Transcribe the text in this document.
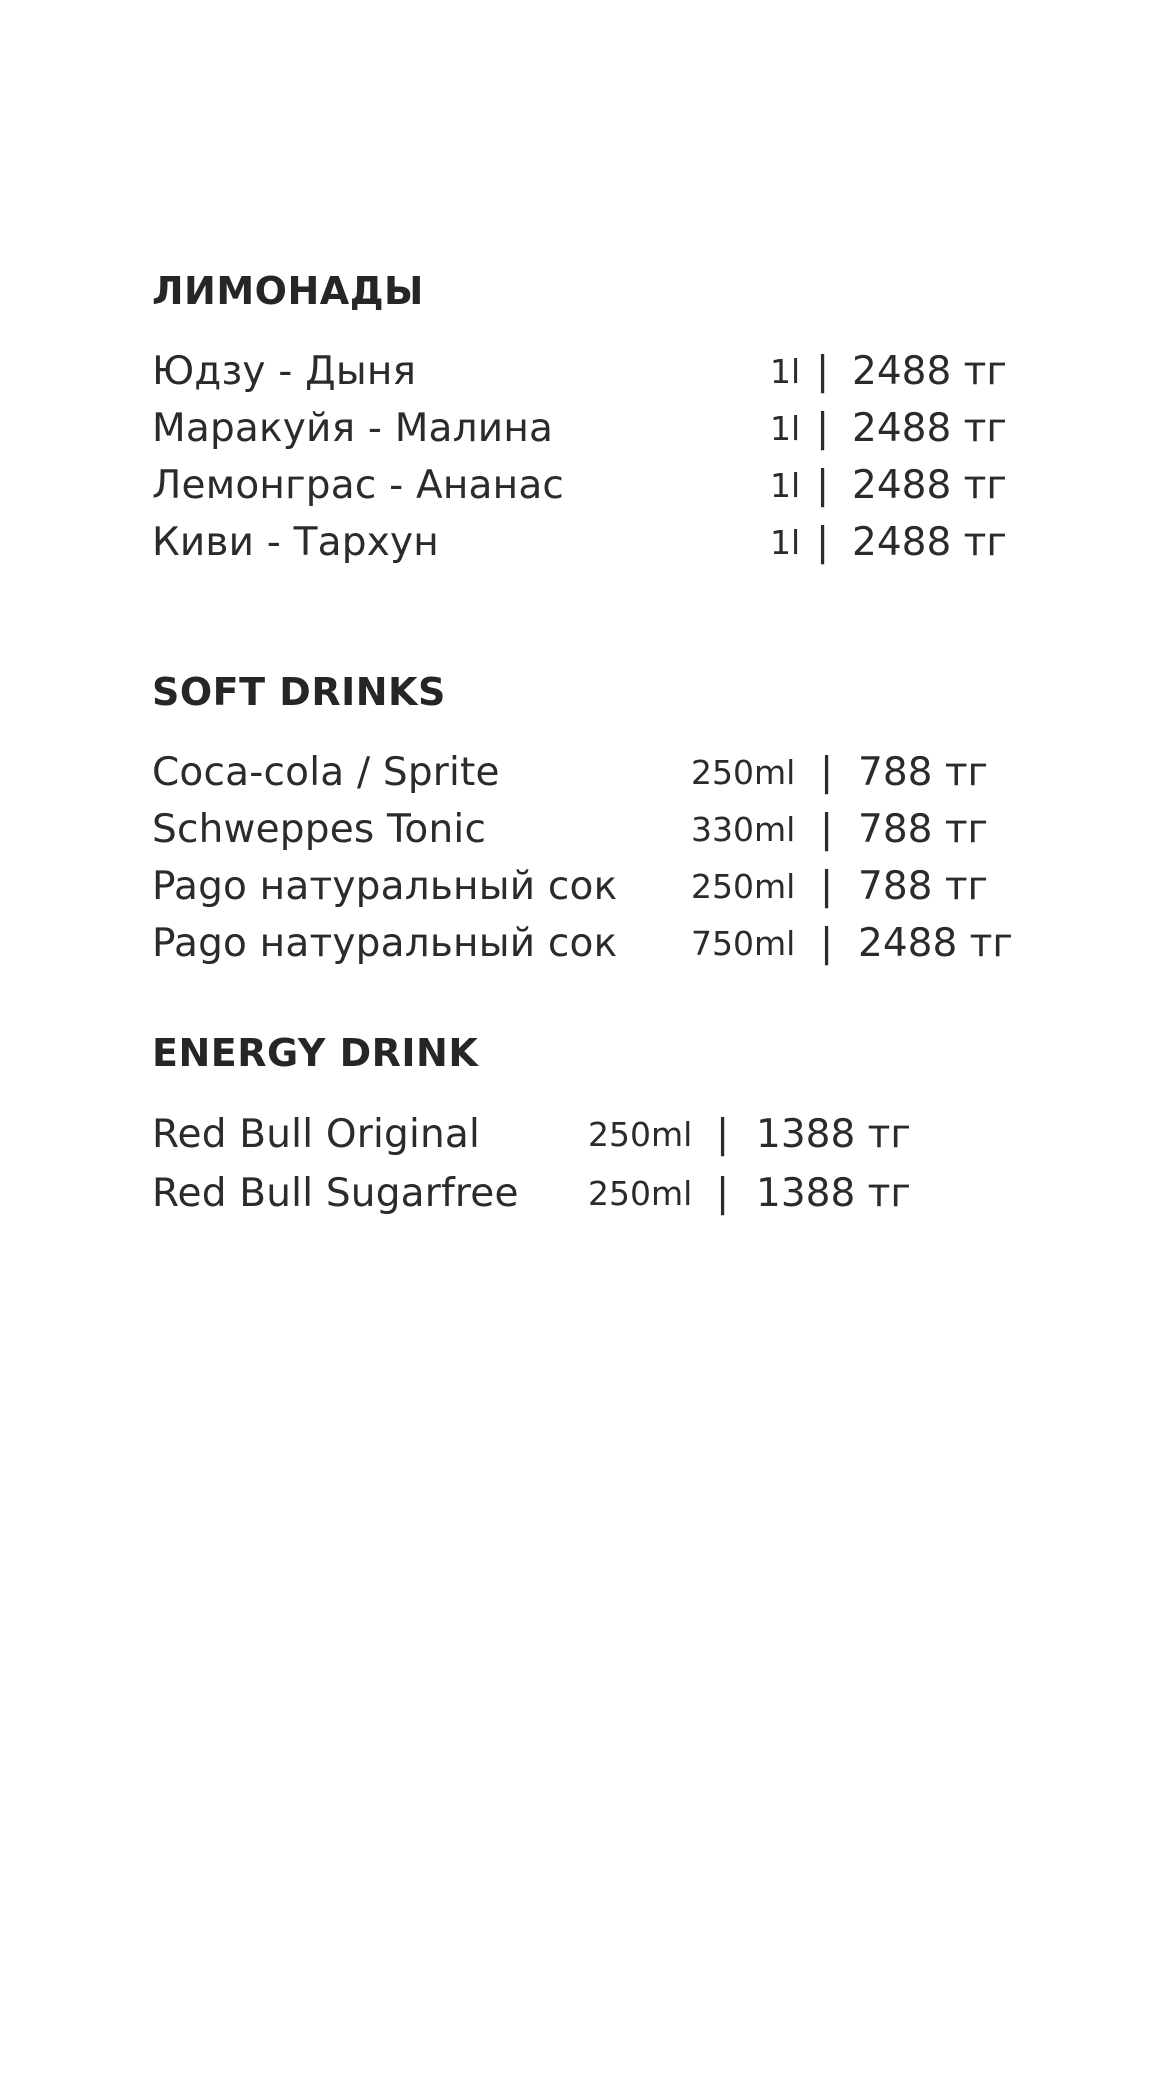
ЛИМОНАДЫ
Юдзу - Дыня	1l | 2488 тг
Маракуйя - Малина	1l | 2488 тг
Лемонграс - Ананас	1l | 2488 тг
Киви - Тархун	1l | 2488 тг
SOFT DRINKS
Coca-cola / Sprite	250ml | 788 тг
Schweppes Tonic	330ml | 788 тг
Pago натуральный сок 250ml | 788 тг
Pago натуральный сок 750ml | 2488 тг
ENERGY DRINK
Red Bull Original	250ml | 1388 тг
Red Bull Sugarfree 250ml | 1388 тг
